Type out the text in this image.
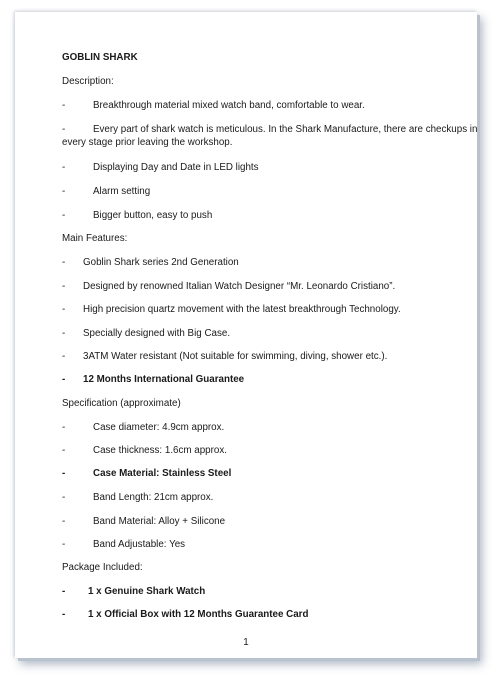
GOBLIN SHARK
Description:
-	Breakthrough material mixed watch band, comfortable to wear.
-	Every part of shark watch is meticulous. In the Shark Manufacture, there are checkups in
every stage prior leaving the workshop.
-	Displaying Day and Date in LED lights
-	Alarm setting
-	Bigger button, easy to push
Main Features:
- Goblin Shark series 2nd Generation
- Designed by renowned Italian Watch Designer “Mr. Leonardo Cristiano”.
- High precision quartz movement with the latest breakthrough Technology.
- Specially designed with Big Case.
- 3ATM Water resistant (Not suitable for swimming, diving, shower etc.).
- 12 Months International Guarantee
Specification (approximate)
-	Case diameter: 4.9cm approx.
-	Case thickness: 1.6cm approx.
-	Case Material: Stainless Steel
-	Band Length: 21cm approx.
-	Band Material: Alloy + Silicone
-	Band Adjustable: Yes
Package Included:
- 1 x Genuine Shark Watch
- 1 x Official Box with 12 Months Guarantee Card
1
